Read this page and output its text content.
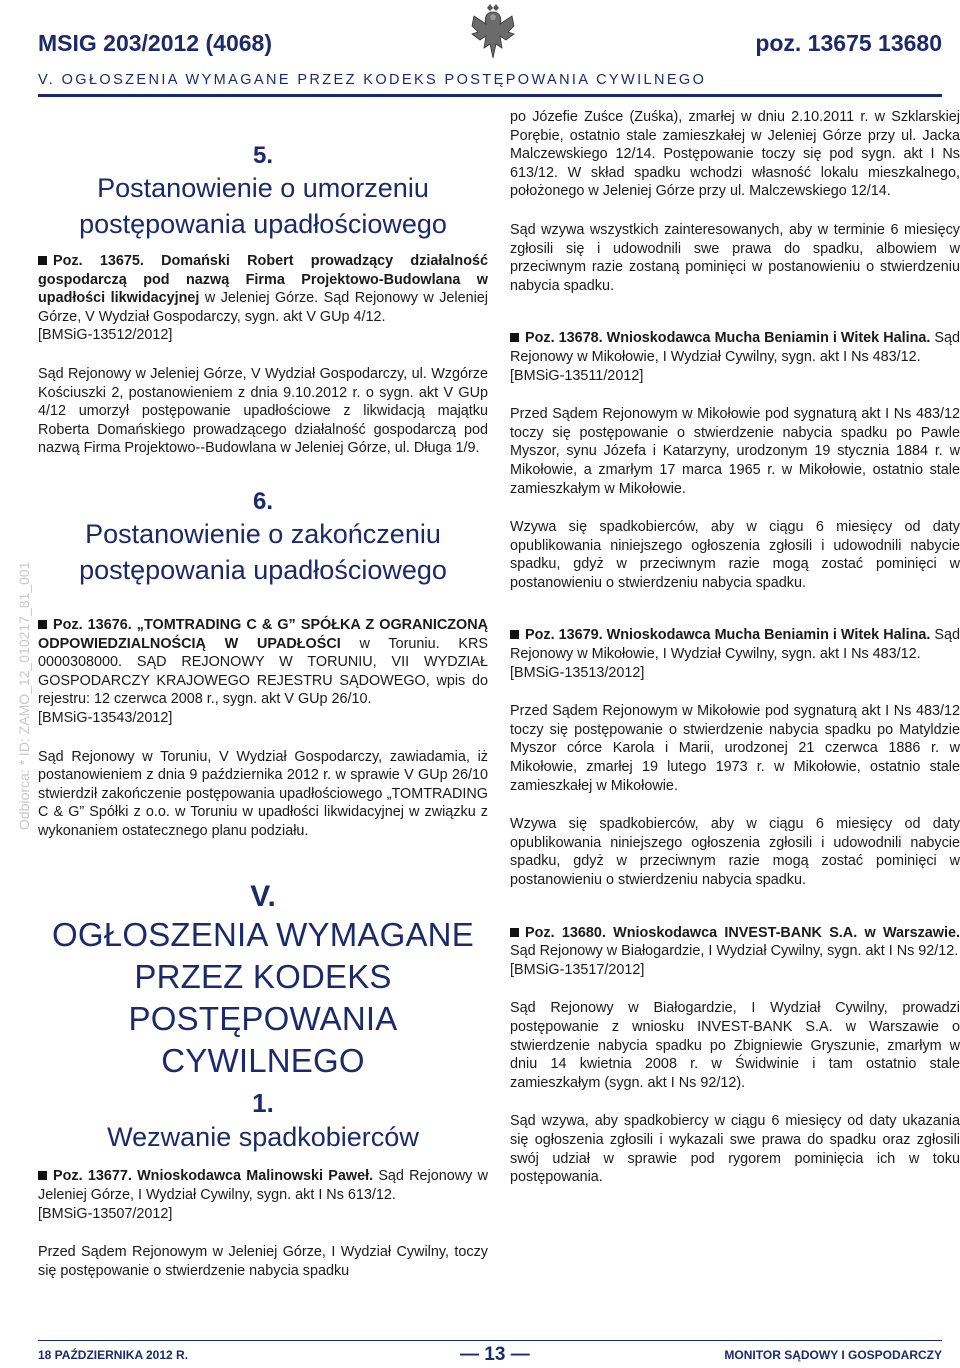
MSIG 203/2012 (4068)	poz. 13675 13680
V. OGŁOSZENIA WYMAGANE PRZEZ KODEKS POSTĘPOWANIA CYWILNEGO
Odbiorca: * ID: ZAMO_12_010217_81_001
5.
Postanowienie o umorzeniu
postępowania upadłościowego

Poz. 13675. Domański Robert prowadzący działalność gospodarczą pod nazwą Firma Projektowo-Budowlana w upadłości likwidacyjnej w Jeleniej Górze. Sąd Rejonowy w Jeleniej Górze, V Wydział Gospodarczy, sygn. akt V GUp 4/12.

[BMSiG-13512/2012]

Sąd Rejonowy w Jeleniej Górze, V Wydział Gospodarczy, ul. Wzgórze Kościuszki 2, postanowieniem z dnia 9.10.2012 r. o sygn. akt V GUp 4/12 umorzył postępowanie upadłościowe z likwidacją majątku Roberta Domańskiego prowadzącego działalność gospodarczą pod nazwą Firma Projektowo--Budowlana w Jeleniej Górze, ul. Długa 1/9.

6.
Postanowienie o zakończeniu
postępowania upadłościowego

Poz. 13676. „TOMTRADING C & G” SPÓŁKA Z OGRANICZONĄ ODPOWIEDZIALNOŚCIĄ W UPADŁOŚCI w Toruniu. KRS 0000308000. SĄD REJONOWY W TORUNIU, VII WYDZIAŁ GOSPODARCZY KRAJOWEGO REJESTRU SĄDOWEGO, wpis do rejestru: 12 czerwca 2008 r., sygn. akt V GUp 26/10.

[BMSiG-13543/2012]

Sąd Rejonowy w Toruniu, V Wydział Gospodarczy, zawiadamia, iż postanowieniem z dnia 9 października 2012 r. w sprawie V GUp 26/10 stwierdził zakończenie postępowania upadłościowego „TOMTRADING C & G” Spółki z o.o. w Toruniu w upadłości likwidacyjnej w związku z wykonaniem ostatecznego planu podziału.

V.
OGŁOSZENIA WYMAGANE
PRZEZ KODEKS
POSTĘPOWANIA CYWILNEGO
1.
Wezwanie spadkobierców

Poz. 13677. Wnioskodawca Malinowski Paweł. Sąd Rejonowy w Jeleniej Górze, I Wydział Cywilny, sygn. akt I Ns 613/12.

[BMSiG-13507/2012]

Przed Sądem Rejonowym w Jeleniej Górze, I Wydział Cywilny, toczy się postępowanie o stwierdzenie nabycia spadku

po Józefie Zuśce (Zuśka), zmarłej w dniu 2.10.2011 r. w Szklarskiej Porębie, ostatnio stale zamieszkałej w Jeleniej Górze przy ul. Jacka Malczewskiego 12/14. Postępowanie toczy się pod sygn. akt I Ns 613/12. W skład spadku wchodzi własność lokalu mieszkalnego, położonego w Jeleniej Górze przy ul. Malczewskiego 12/14.

Sąd wzywa wszystkich zainteresowanych, aby w terminie 6 miesięcy zgłosili się i udowodnili swe prawa do spadku, albowiem w przeciwnym razie zostaną pominięci w postanowieniu o stwierdzeniu nabycia spadku.

Poz. 13678. Wnioskodawca Mucha Beniamin i Witek Halina. Sąd Rejonowy w Mikołowie, I Wydział Cywilny, sygn. akt I Ns 483/12.

[BMSiG-13511/2012]

Przed Sądem Rejonowym w Mikołowie pod sygnaturą akt I Ns 483/12 toczy się postępowanie o stwierdzenie nabycia spadku po Pawle Myszor, synu Józefa i Katarzyny, urodzonym 19 stycznia 1884 r. w Mikołowie, a zmarłym 17 marca 1965 r. w Mikołowie, ostatnio stale zamieszkałym w Mikołowie.

Wzywa się spadkobierców, aby w ciągu 6 miesięcy od daty opublikowania niniejszego ogłoszenia zgłosili i udowodnili nabycie spadku, gdyż w przeciwnym razie mogą zostać pominięci w postanowieniu o stwierdzeniu nabycia spadku.

Poz. 13679. Wnioskodawca Mucha Beniamin i Witek Halina. Sąd Rejonowy w Mikołowie, I Wydział Cywilny, sygn. akt I Ns 483/12.

[BMSiG-13513/2012]

Przed Sądem Rejonowym w Mikołowie pod sygnaturą akt I Ns 483/12 toczy się postępowanie o stwierdzenie nabycia spadku po Matyldzie Myszor córce Karola i Marii, urodzonej 21 czerwca 1886 r. w Mikołowie, zmarłej 19 lutego 1973 r. w Mikołowie, ostatnio stale zamieszkałej w Mikołowie.

Wzywa się spadkobierców, aby w ciągu 6 miesięcy od daty opublikowania niniejszego ogłoszenia zgłosili i udowodnili nabycie spadku, gdyż w przeciwnym razie mogą zostać pominięci w postanowieniu o stwierdzeniu nabycia spadku.

Poz. 13680. Wnioskodawca INVEST-BANK S.A. w Warszawie. Sąd Rejonowy w Białogardzie, I Wydział Cywilny, sygn. akt I Ns 92/12.

[BMSiG-13517/2012]

Sąd Rejonowy w Białogardzie, I Wydział Cywilny, prowadzi postępowanie z wniosku INVEST-BANK S.A. w Warszawie o stwierdzenie nabycia spadku po Zbigniewie Gryszunie, zmarłym w dniu 14 kwietnia 2008 r. w Świdwinie i tam ostatnio stale zamieszkałym (sygn. akt I Ns 92/12).

Sąd wzywa, aby spadkobiercy w ciągu 6 miesięcy od daty ukazania się ogłoszenia zgłosili i wykazali swe prawa do spadku oraz zgłosili swój udział w sprawie pod rygorem pominięcia ich w toku postępowania.

18 PAŹDZIERNIKA 2012 R.	— 13 —	MONITOR SĄDOWY I GOSPODARCZY
